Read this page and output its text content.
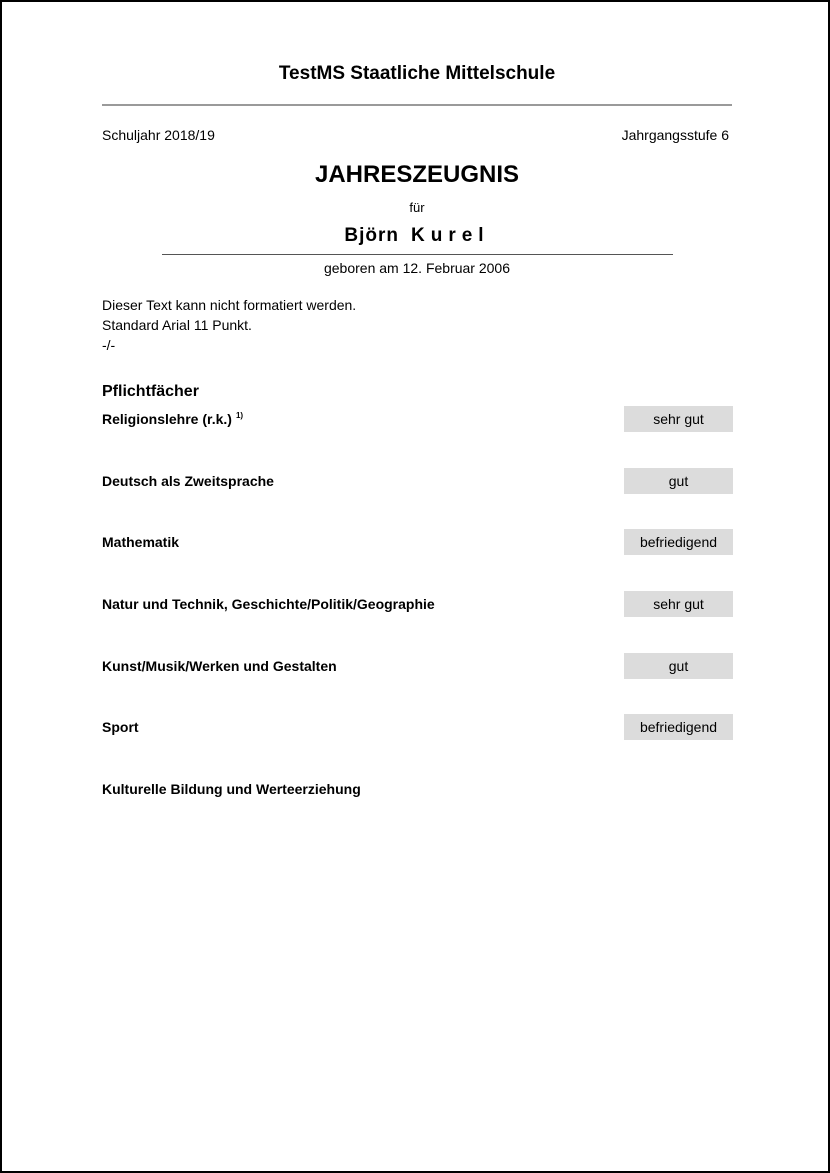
TestMS Staatliche Mittelschule
Schuljahr 2018/19	Jahrgangsstufe 6
JAHRESZEUGNIS
für
Björn Kurel
geboren am 12. Februar 2006
Dieser Text kann nicht formatiert werden.
Standard Arial 11 Punkt.
-/-
Pflichtfächer
Religionslehre (r.k.) $^{1)}$	sehr gut
Deutsch als Zweitsprache	gut
Mathematik	befriedigend
Natur und Technik, Geschichte/Politik/Geographie	sehr gut
Kunst/Musik/Werken und Gestalten	gut
Sport	befriedigend
Kulturelle Bildung und Werteerziehung
